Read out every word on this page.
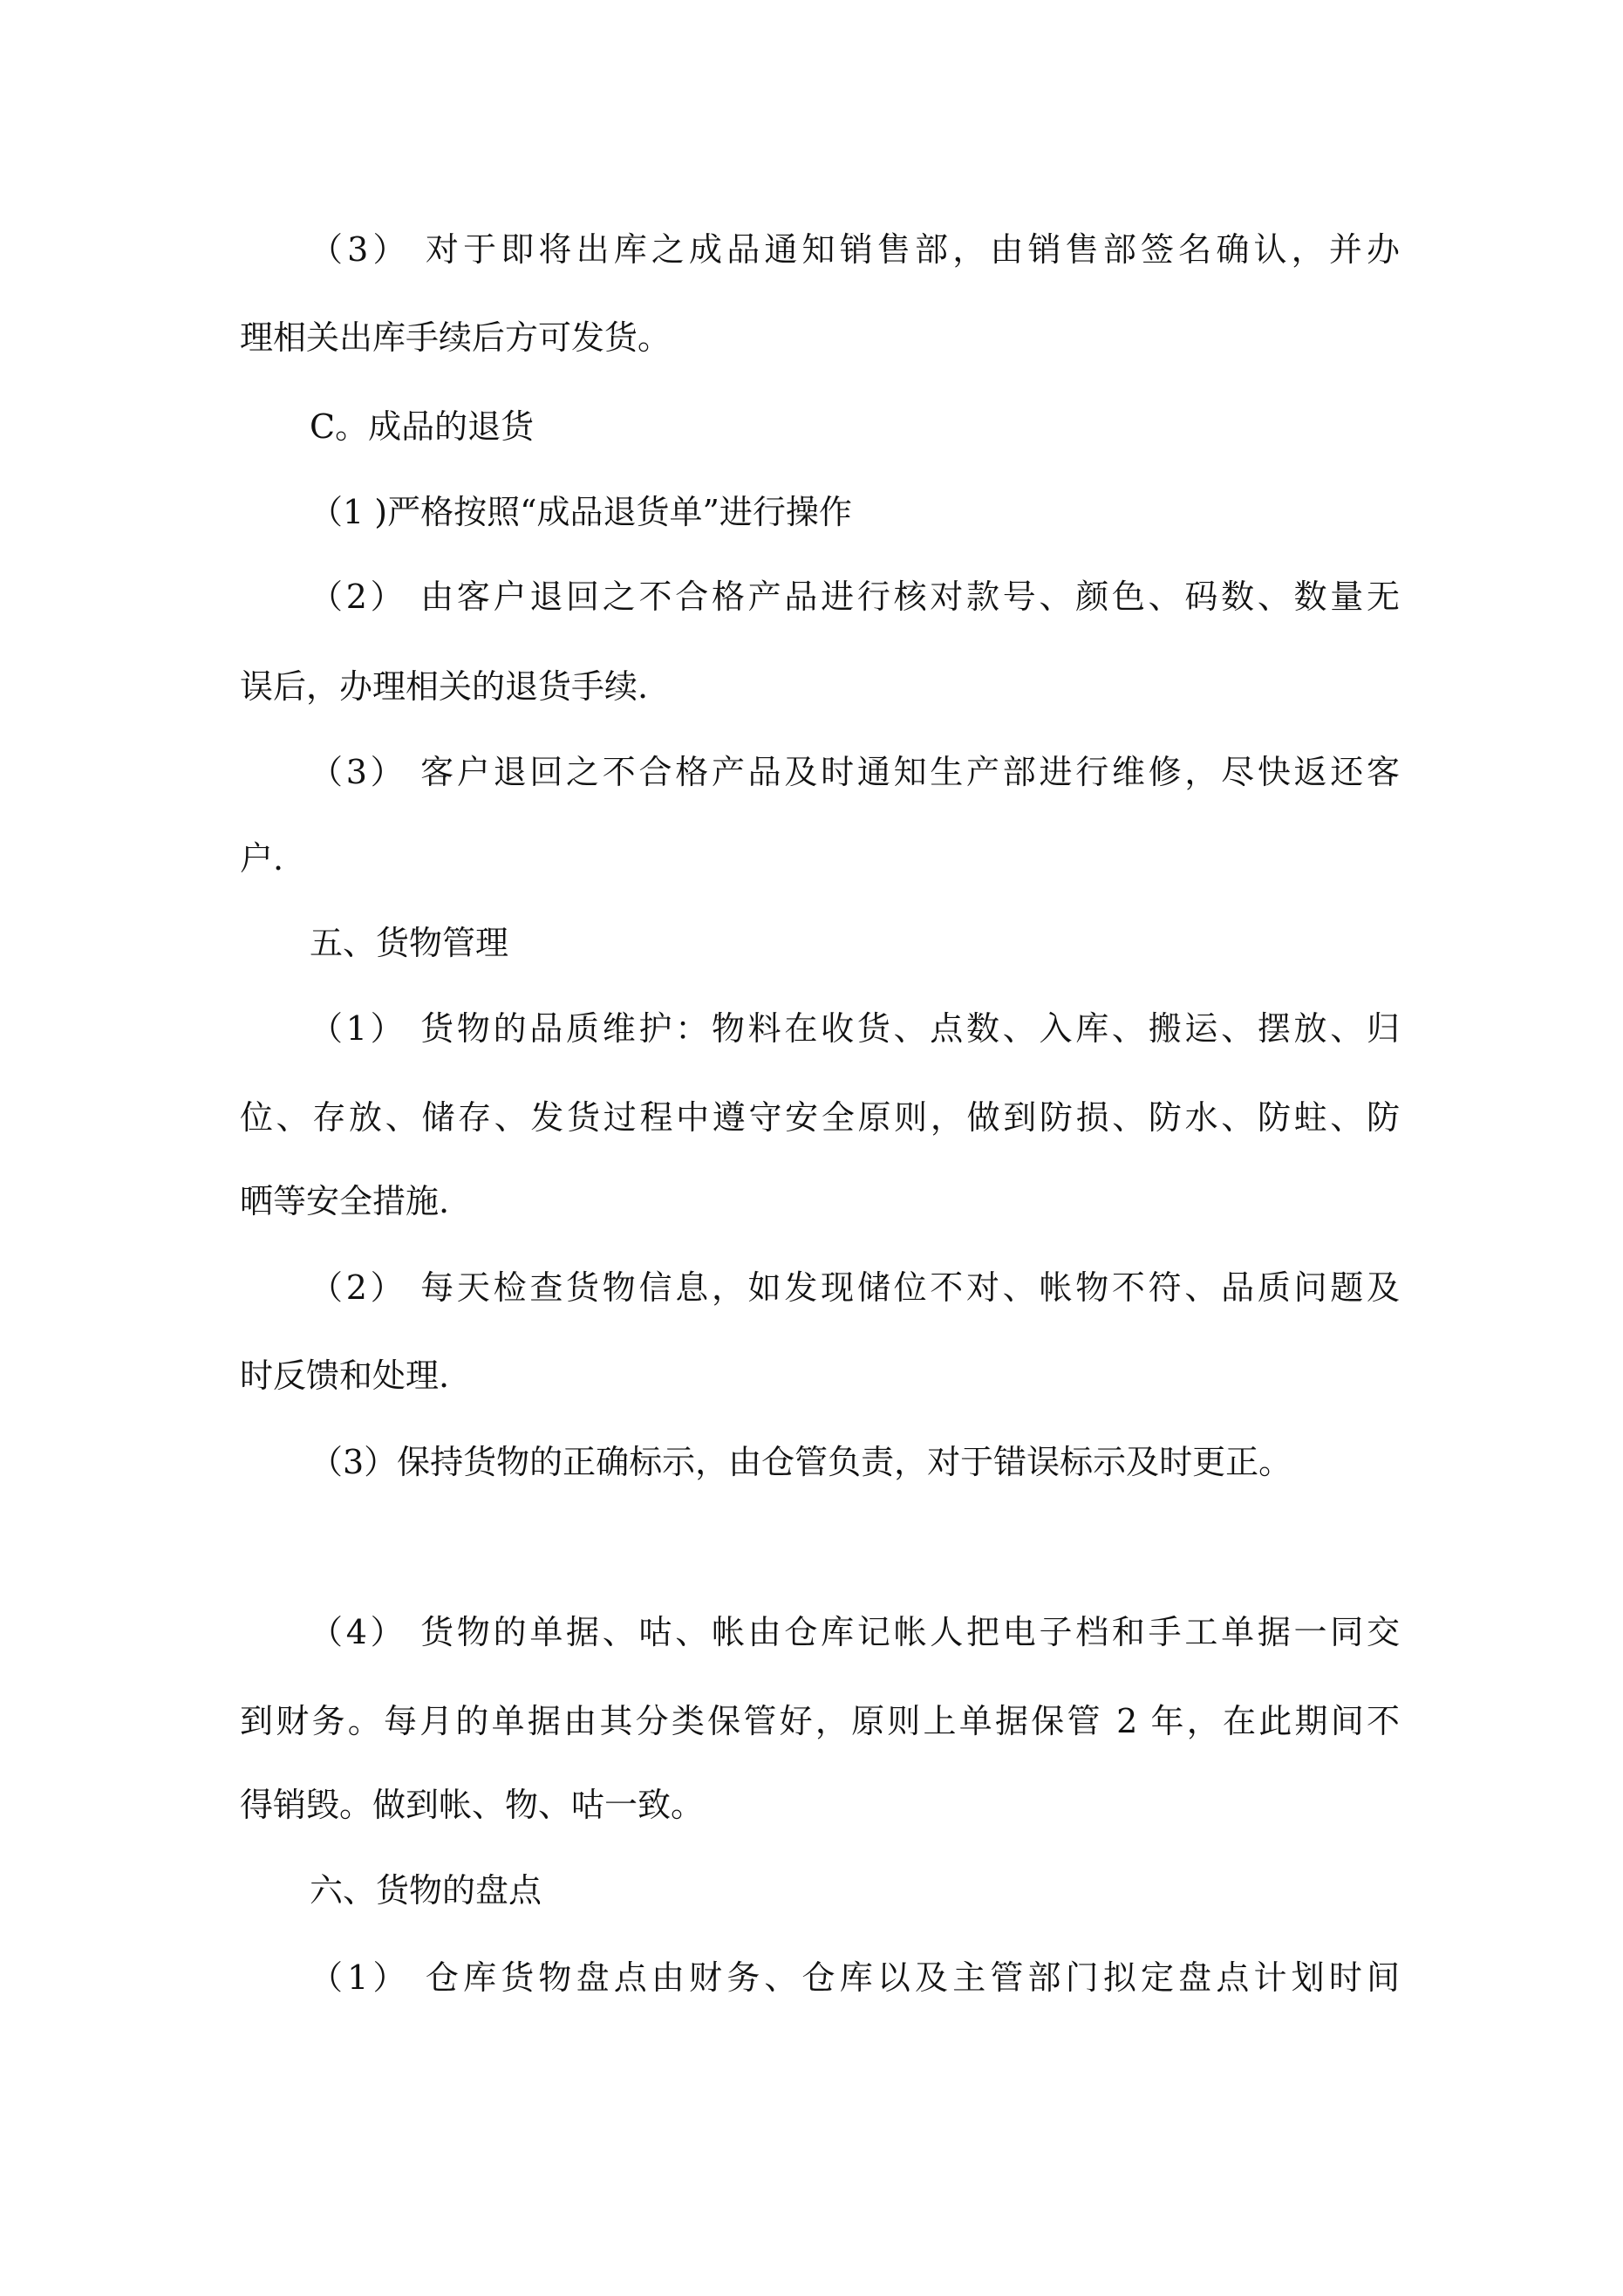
（3） 对于即将出库之成品通知销售部，由销售部签名确认，并办
理相关出库手续后方可发货。
C。成品的退货
（1 )严格按照“成品退货单”进行操作
（2） 由客户退回之不合格产品进行核对款号、颜色、码数、数量无
误后，办理相关的退货手续.
（3） 客户退回之不合格产品及时通知生产部进行维修，尽快返还客
户.
五、货物管理
（1） 货物的品质维护：物料在收货、点数、入库、搬运、摆放、归
位、存放、储存、发货过程中遵守安全原则，做到防损、防水、防蛀、防
晒等安全措施.
（2） 每天检查货物信息，如发现储位不对、帐物不符、品质问题及
时反馈和处理.
（3）保持货物的正确标示，由仓管负责，对于错误标示及时更正。
（4） 货物的单据、咕、帐由仓库记帐人把电子档和手工单据一同交
到财务。每月的单据由其分类保管好，原则上单据保管 2 年，在此期间不
得销毁。做到帐、物、咕一致。
六、货物的盘点
（1） 仓库货物盘点由财务、仓库以及主管部门拟定盘点计划时间
